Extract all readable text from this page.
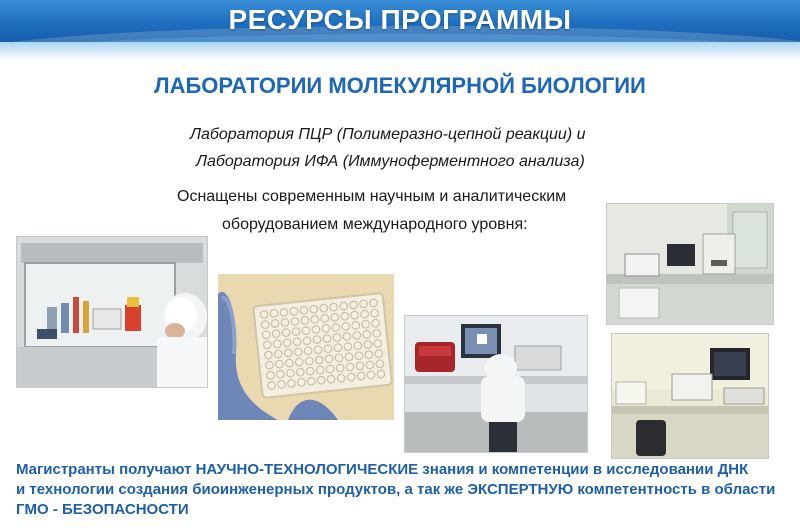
РЕСУРСЫ ПРОГРАММЫ
ЛАБОРАТОРИИ МОЛЕКУЛЯРНОЙ БИОЛОГИИ
Лаборатория ПЦР (Полимеразно-цепной реакции) и
Лаборатория ИФА (Иммуноферментного анализа)
Оснащены современным научным и аналитическим
оборудованием международного уровня:
Магистранты получают НАУЧНО-ТЕХНОЛОГИЧЕСКИЕ знания и компетенции в исследовании ДНК
и технологии создания биоинженерных продуктов, а так же ЭКСПЕРТНУЮ компетентность в области
ГМО - БЕЗОПАСНОСТИ
